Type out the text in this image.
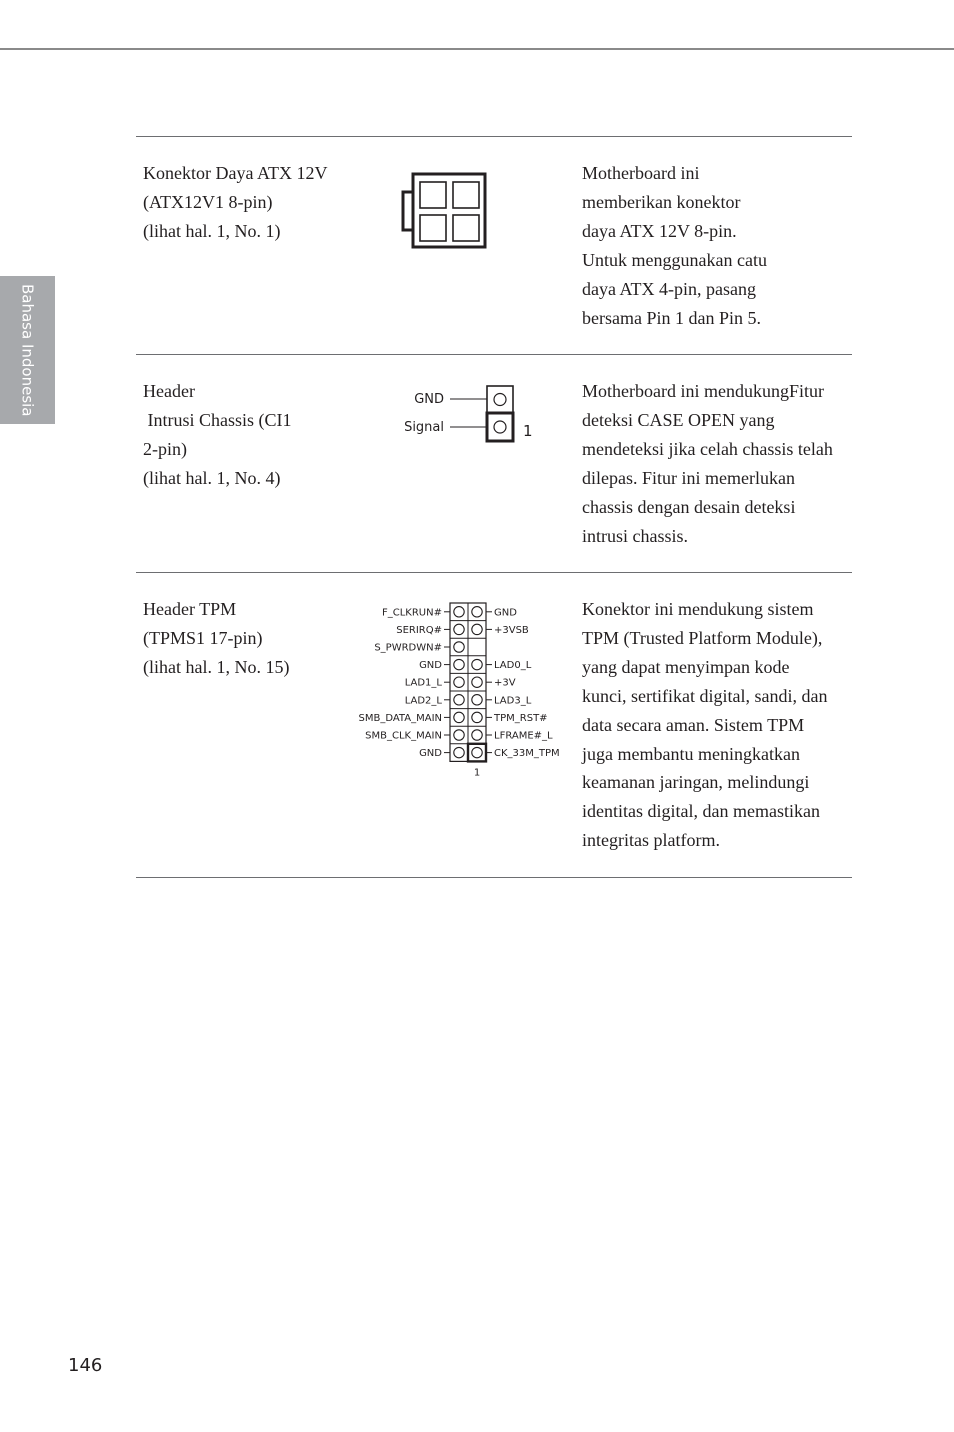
Bahasa Indonesia
Konektor Daya ATX 12V
(ATX12V1 8-pin)
(lihat hal. 1, No. 1)
Motherboard ini
memberikan konektor
daya ATX 12V 8-pin.
Untuk menggunakan catu
daya ATX 4-pin, pasang
bersama Pin 1 dan Pin 5.
Header
Intrusi Chassis (CI1
2-pin)
(lihat hal. 1, No. 4)
GND
Signal	1
Motherboard ini mendukungFitur
deteksi CASE OPEN yang
mendeteksi jika celah chassis telah
dilepas. Fitur ini memerlukan
chassis dengan desain deteksi
intrusi chassis.
Header TPM
(TPMS1 17-pin)
(lihat hal. 1, No. 15)
F_CLKRUN#	GND
SERIRQ#	+3VSB
S_PWRDWN#
GND	LAD0_L
LAD1_L	+3V
LAD2_L	LAD3_L
SMB_DATA_MAIN	TPM_RST#
SMB_CLK_MAIN	LFRAME#_L
GND	CK_33M_TPM
1
Konektor ini mendukung sistem
TPM (Trusted Platform Module),
yang dapat menyimpan kode
kunci, sertifikat digital, sandi, dan
data secara aman. Sistem TPM
juga membantu meningkatkan
keamanan jaringan, melindungi
identitas digital, dan memastikan
integritas platform.
146
